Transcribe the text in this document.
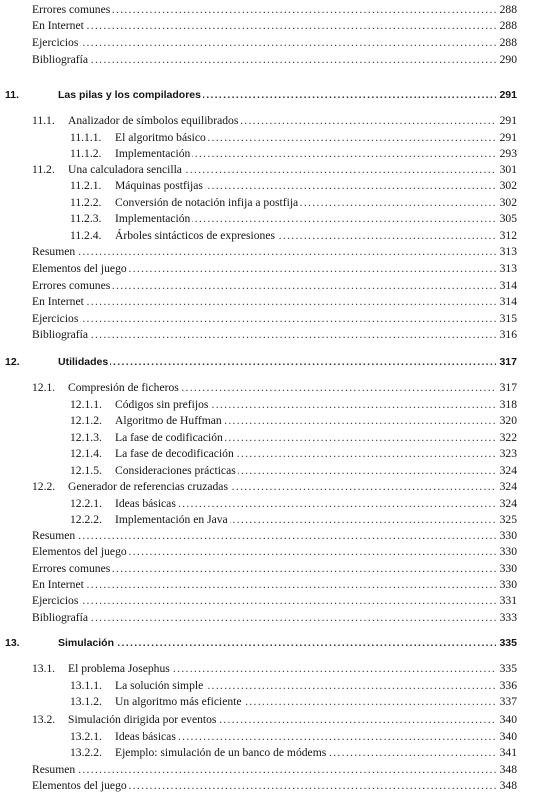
. . .
Errores comunes	288
. . .
En Internet	288
. . .
Ejercicios	288
. . .
Bibliografía	290
. . .
11.	Las pilas y los compiladores	291
. . .
11.1. Analizador de símbolos equilibrados	291
. . .
11.1.1. El algoritmo básico	291
. . .
11.1.2. Implementación	293
. . .
11.2. Una calculadora sencilla	301
. . .
11.2.1. Máquinas postfijas	302
. . .
11.2.2. Conversión de notación infija a postfija	302
. . .
11.2.3. Implementación	305
. . .
11.2.4. Árboles sintácticos de expresiones	312
. . .
Resumen	313
. . .
Elementos del juego	313
. . .
Errores comunes	314
. . .
En Internet	314
. . .
Ejercicios	315
. . .
Bibliografía	316
. . .
12.	Utilidades	317
. . .
12.1. Compresión de ficheros	317
. . .
12.1.1. Códigos sin prefijos	318
. . .
12.1.2. Algoritmo de Huffman	320
. . .
12.1.3. La fase de codificación	322
. . .
12.1.4. La fase de decodificación	323
. . .
12.1.5. Consideraciones prácticas	324
. . .
12.2. Generador de referencias cruzadas	324
. . .
12.2.1. Ideas básicas	324
. . .
12.2.2. Implementación en Java	325
. . .
Resumen	330
. . .
Elementos del juego	330
. . .
Errores comunes	330
. . .
En Internet	330
. . .
Ejercicios	331
. . .
Bibliografía	333
. . .
13.	Simulación	335
. . .
13.1. El problema Josephus	335
. . .
13.1.1. La solución simple	336
. . .
13.1.2. Un algoritmo más eficiente	337
. . .
13.2. Simulación dirigida por eventos	340
. . .
13.2.1. Ideas básicas	340
. . .
13.2.2. Ejemplo: simulación de un banco de módems	341
. . .
Resumen	348
. . .
Elementos del juego	348
